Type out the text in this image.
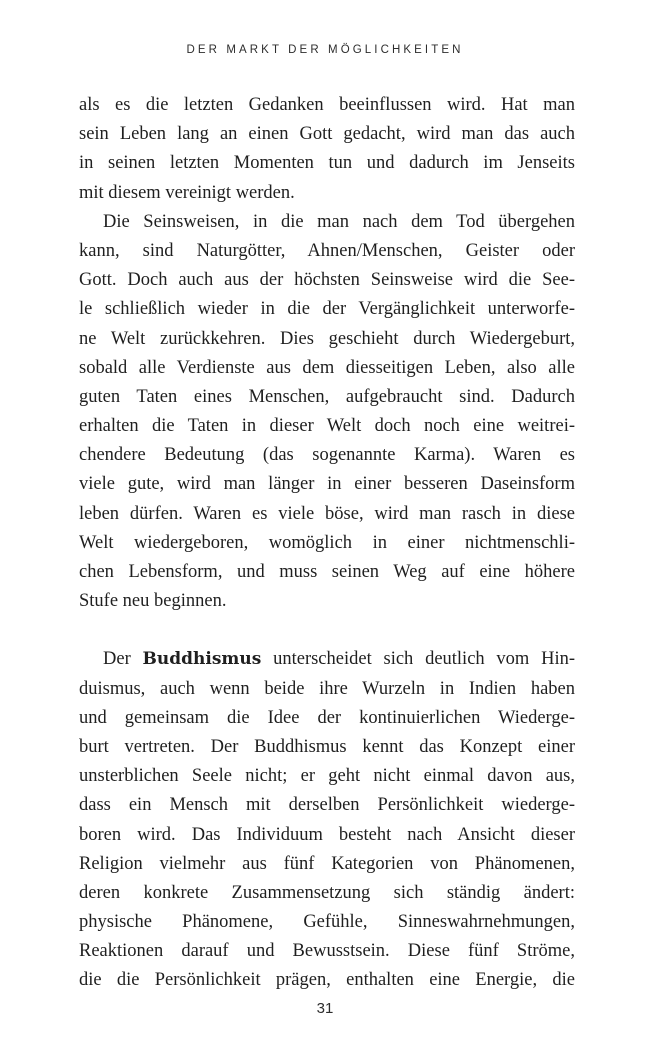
DER MARKT DER MÖGLICHKEITEN
als es die letzten Gedanken beeinflussen wird. Hat man
sein Leben lang an einen Gott gedacht, wird man das auch
in seinen letzten Momenten tun und dadurch im Jenseits
mit diesem vereinigt werden.
Die Seinsweisen, in die man nach dem Tod übergehen
kann, sind Naturgötter, Ahnen/Menschen, Geister oder
Gott. Doch auch aus der höchsten Seinsweise wird die See-
le schließlich wieder in die der Vergänglichkeit unterworfe-
ne Welt zurückkehren. Dies geschieht durch Wiedergeburt,
sobald alle Verdienste aus dem diesseitigen Leben, also alle
guten Taten eines Menschen, aufgebraucht sind. Dadurch
erhalten die Taten in dieser Welt doch noch eine weitrei-
chendere Bedeutung (das sogenannte Karma). Waren es
viele gute, wird man länger in einer besseren Daseinsform
leben dürfen. Waren es viele böse, wird man rasch in diese
Welt wiedergeboren, womöglich in einer nichtmenschli-
chen Lebensform, und muss seinen Weg auf eine höhere
Stufe neu beginnen.
Der Buddhismus unterscheidet sich deutlich vom Hin-
duismus, auch wenn beide ihre Wurzeln in Indien haben
und gemeinsam die Idee der kontinuierlichen Wiederge-
burt vertreten. Der Buddhismus kennt das Konzept einer
unsterblichen Seele nicht; er geht nicht einmal davon aus,
dass ein Mensch mit derselben Persönlichkeit wiederge-
boren wird. Das Individuum besteht nach Ansicht dieser
Religion vielmehr aus fünf Kategorien von Phänomenen,
deren konkrete Zusammensetzung sich ständig ändert:
physische Phänomene, Gefühle, Sinneswahrnehmungen,
Reaktionen darauf und Bewusstsein. Diese fünf Ströme,
die die Persönlichkeit prägen, enthalten eine Energie, die
31
